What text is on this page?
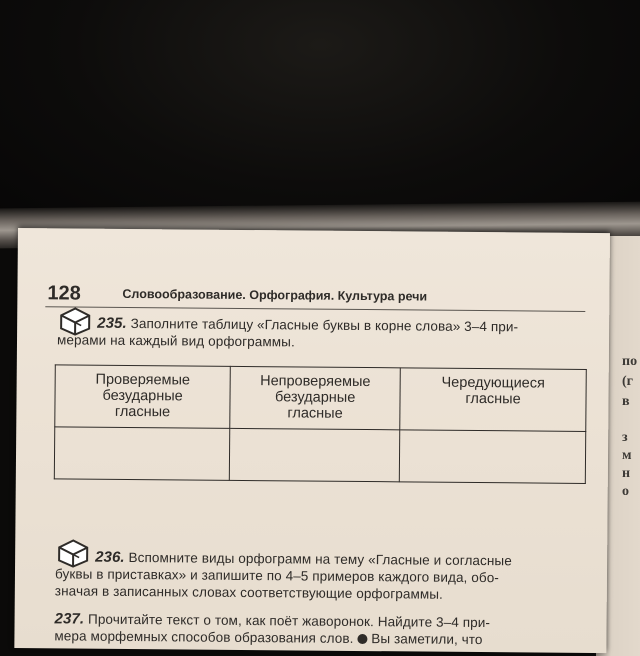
по
(г
в
з
м
н
о
128	Словообразование. Орфография. Культура речи
235. Заполните таблицу «Гласные буквы в корне слова» 3–4 при-
мерами на каждый вид орфограммы.
Проверяемые
безударные
гласные	Непроверяемые
безударные
гласные	Чередующиеся
гласные

236. Вспомните виды орфограмм на тему «Гласные и согласные
буквы в приставках» и запишите по 4–5 примеров каждого вида, обо-
значая в записанных словах соответствующие орфограммы.
237. Прочитайте текст о том, как поёт жаворонок. Найдите 3–4 при-
мера морфемных способов образования слов. Вы заметили, что
